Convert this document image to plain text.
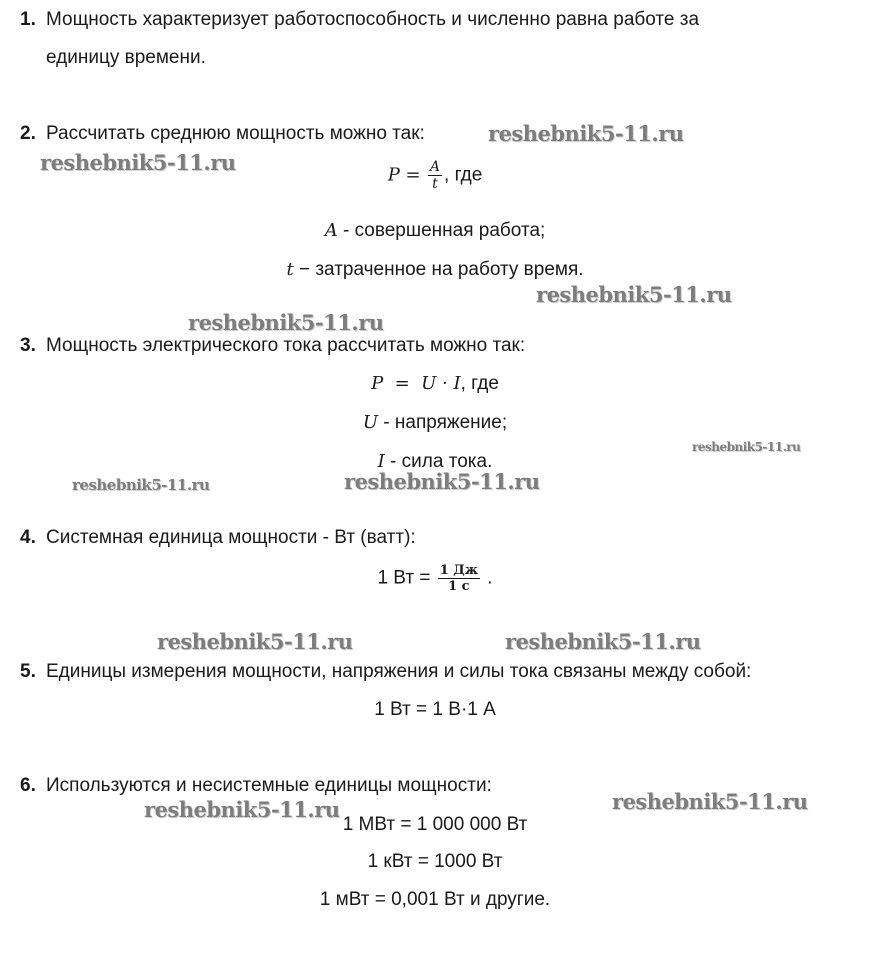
1. Мощность характеризует работоспособность и численно равна работе за
единицу времени.
2. Рассчитать среднюю мощность можно так:
$P = \frac{A}{t}$ , где
A - совершенная работа;
t − затраченное на работу время.
3. Мощность электрического тока рассчитать можно так:
P  =  U · I, где
U - напряжение;
I - сила тока.
4. Системная единица мощности - Вт (ватт):
1 Вт = $\frac{1 Дж}{1 с}$ .
5. Единицы измерения мощности, напряжения и силы тока связаны между собой:
1 Вт = 1 В·1 А
6. Используются и несистемные единицы мощности:
1 МВт = 1 000 000 Вт
1 кВт = 1000 Вт
1 мВт = 0,001 Вт и другие.
reshebnik5-11.ru
reshebnik5-11.ru
reshebnik5-11.ru
reshebnik5-11.ru
reshebnik5-11.ru
reshebnik5-11.ru	reshebnik5-11.ru
reshebnik5-11.ru	reshebnik5-11.ru
reshebnik5-11.ru	reshebnik5-11.ru
